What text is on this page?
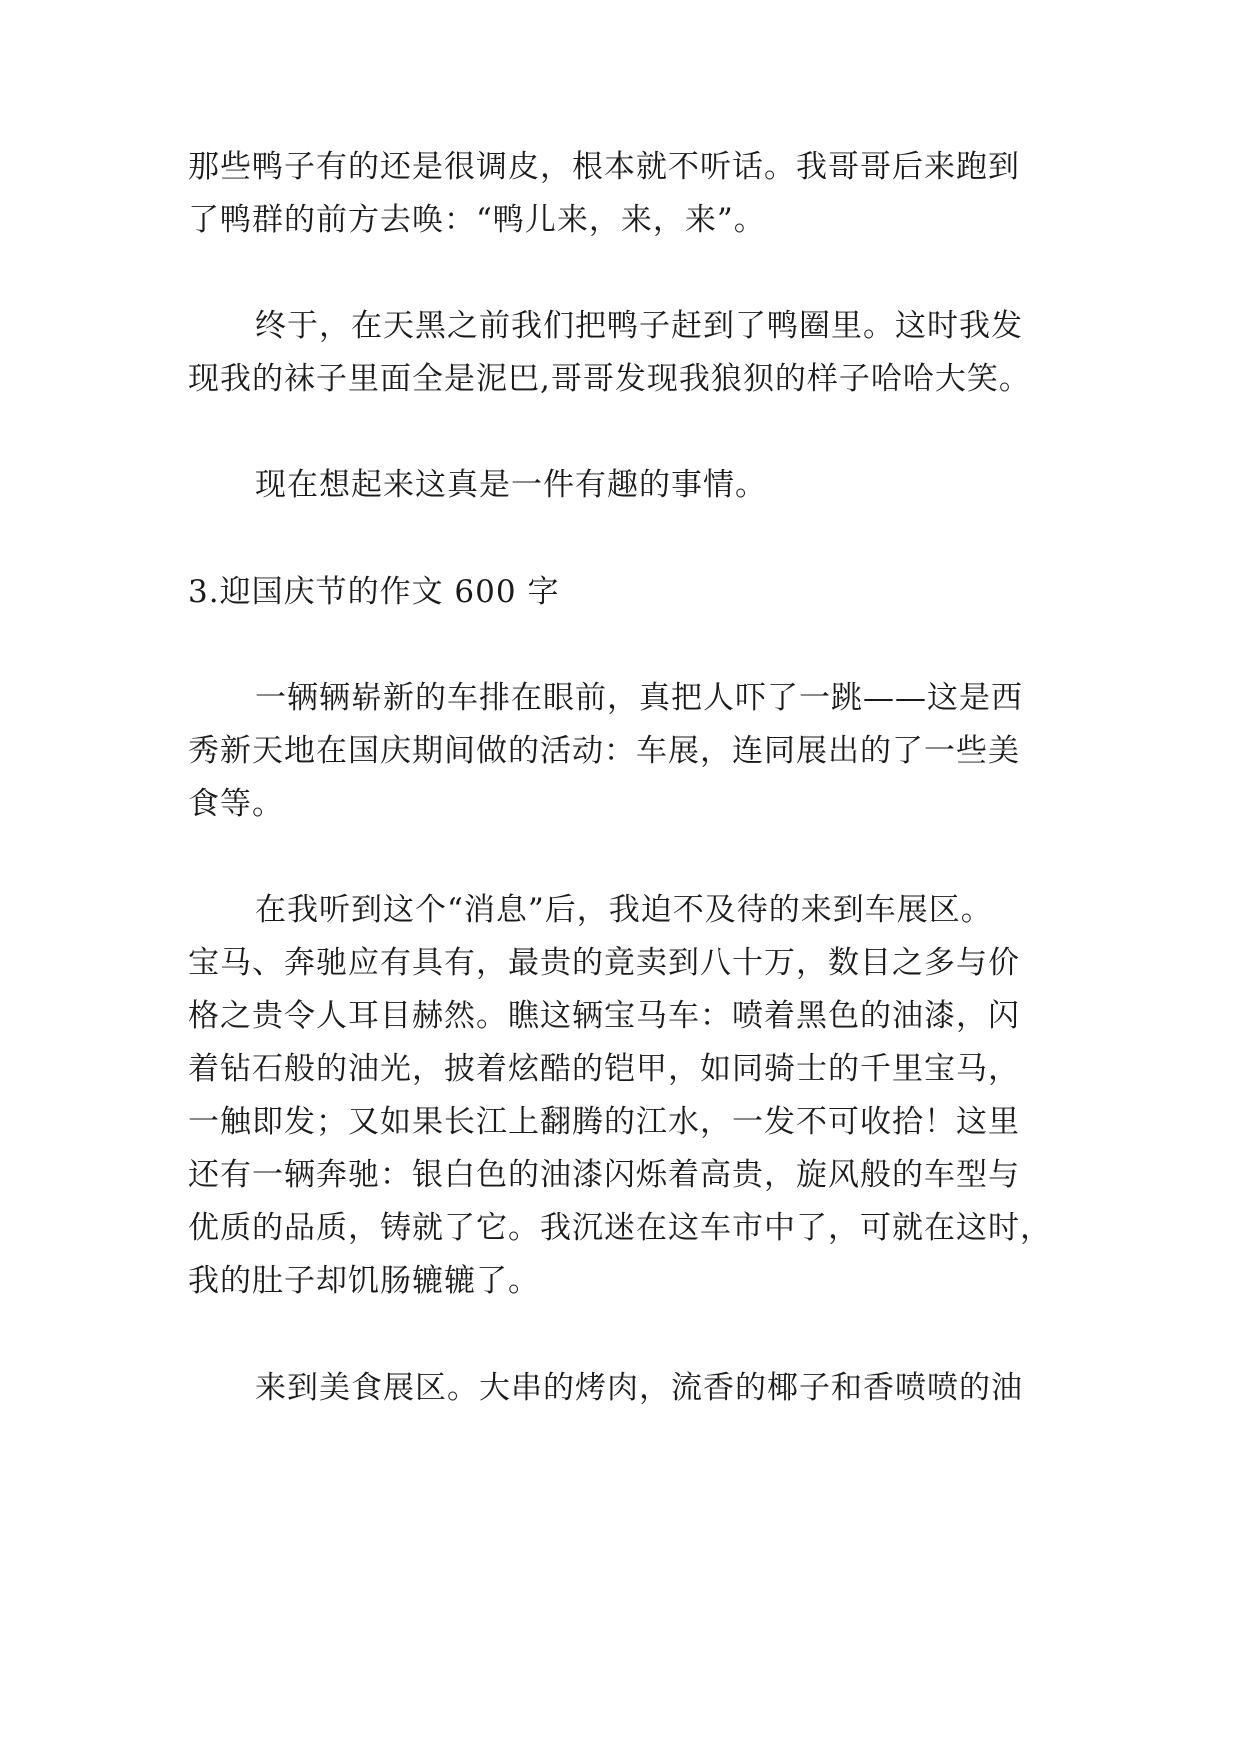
那些鸭子有的还是很调皮，根本就不听话。我哥哥后来跑到
了鸭群的前方去唤：“鸭儿来，来，来”。
终于，在天黑之前我们把鸭子赶到了鸭圈里。这时我发
现我的袜子里面全是泥巴,哥哥发现我狼狈的样子哈哈大笑。
现在想起来这真是一件有趣的事情。
3.迎国庆节的作文 600 字
一辆辆崭新的车排在眼前，真把人吓了一跳——这是西
秀新天地在国庆期间做的活动：车展，连同展出的了一些美
食等。
在我听到这个“消息”后，我迫不及待的来到车展区。
宝马、奔驰应有具有，最贵的竟卖到八十万，数目之多与价
格之贵令人耳目赫然。瞧这辆宝马车：喷着黑色的油漆，闪
着钻石般的油光，披着炫酷的铠甲，如同骑士的千里宝马，
一触即发；又如果长江上翻腾的江水，一发不可收拾！这里
还有一辆奔驰：银白色的油漆闪烁着高贵，旋风般的车型与
优质的品质，铸就了它。我沉迷在这车市中了，可就在这时，
我的肚子却饥肠辘辘了。
来到美食展区。大串的烤肉，流香的椰子和香喷喷的油
